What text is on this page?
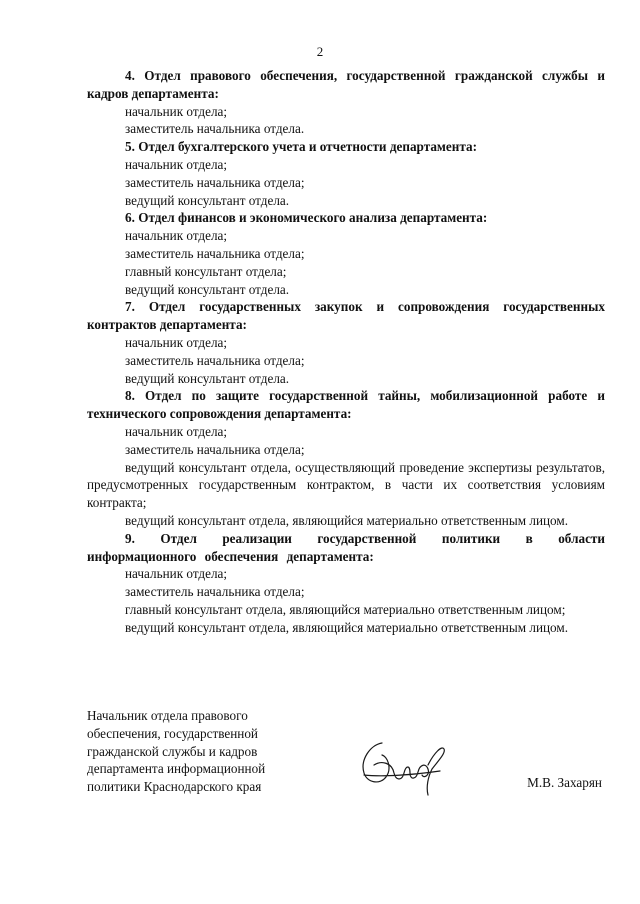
2

4. Отдел правового обеспечения, государственной гражданской службы и кадров департамента:

начальник отдела;

заместитель начальника отдела.

5. Отдел бухгалтерского учета и отчетности департамента:

начальник отдела;

заместитель начальника отдела;

ведущий консультант отдела.

6. Отдел финансов и экономического анализа департамента:

начальник отдела;

заместитель начальника отдела;

главный консультант отдела;

ведущий консультант отдела.

7. Отдел государственных закупок и сопровождения государственных контрактов департамента:

начальник отдела;

заместитель начальника отдела;

ведущий консультант отдела.

8. Отдел по защите государственной тайны, мобилизационной работе и технического сопровождения департамента:

начальник отдела;

заместитель начальника отдела;

ведущий консультант отдела, осуществляющий проведение экспертизы результатов, предусмотренных государственным контрактом, в части их соответствия условиям контракта;

ведущий консультант отдела, являющийся материально ответственным лицом.

9. Отдел реализации государственной политики в области информационного обеспечения департамента:

начальник отдела;

заместитель начальника отдела;

главный консультант отдела, являющийся материально ответственным лицом;

ведущий консультант отдела, являющийся материально ответственным лицом.

Начальник отдела правового
обеспечения, государственной
гражданской службы и кадров
департамента информационной
политики Краснодарского края	М.В. Захарян
